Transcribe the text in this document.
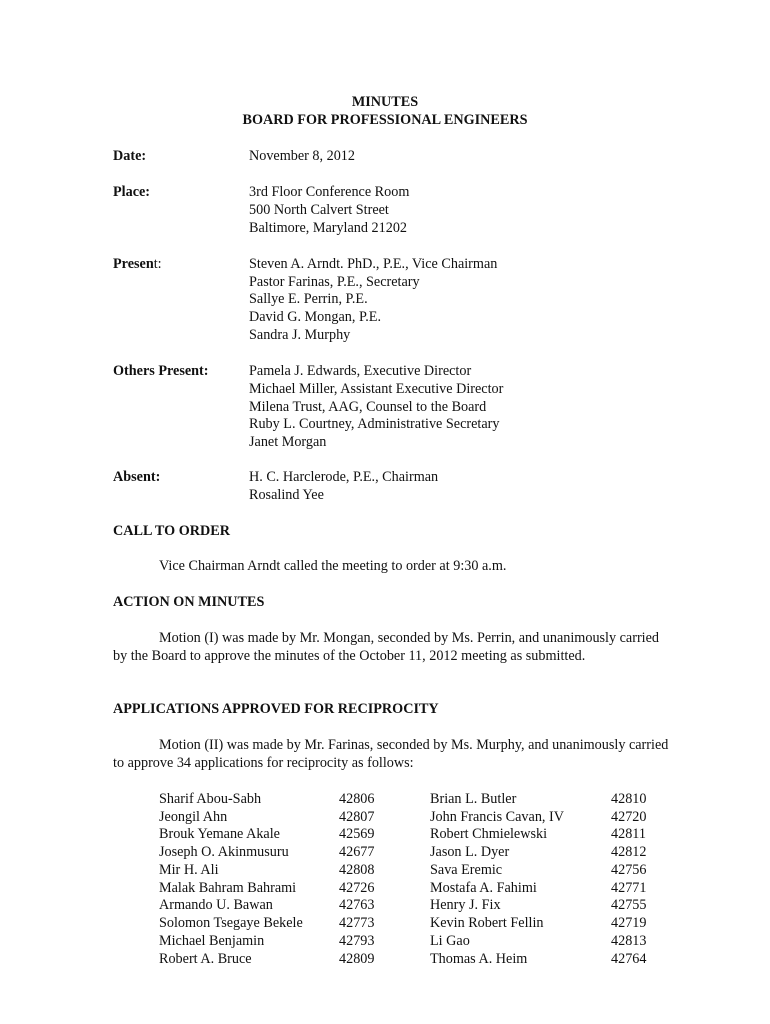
MINUTES
BOARD FOR PROFESSIONAL ENGINEERS
Date:	November 8, 2012
Place:	3rd Floor Conference Room
500 North Calvert Street
Baltimore, Maryland 21202
Present:	Steven A. Arndt. PhD., P.E., Vice Chairman
Pastor Farinas, P.E., Secretary
Sallye E. Perrin, P.E.
David G. Mongan, P.E.
Sandra J. Murphy
Others Present:	Pamela J. Edwards, Executive Director
Michael Miller, Assistant Executive Director
Milena Trust, AAG, Counsel to the Board
Ruby L. Courtney, Administrative Secretary
Janet Morgan
Absent:	H. C. Harclerode, P.E., Chairman
Rosalind Yee
CALL TO ORDER
Vice Chairman Arndt called the meeting to order at 9:30 a.m.
ACTION ON MINUTES
Motion (I) was made by Mr. Mongan, seconded by Ms. Perrin, and unanimously carried by the Board to approve the minutes of the October 11, 2012 meeting as submitted.
APPLICATIONS APPROVED FOR RECIPROCITY
Motion (II) was made by Mr. Farinas, seconded by Ms. Murphy, and unanimously carried to approve 34 applications for reciprocity as follows:
Sharif Abou-Sabh	42806	Brian L. Butler	42810
Jeongil Ahn	42807	John Francis Cavan, IV	42720
Brouk Yemane Akale	42569	Robert Chmielewski	42811
Joseph O. Akinmusuru	42677	Jason L. Dyer	42812
Mir H. Ali	42808	Sava Eremic	42756
Malak Bahram Bahrami	42726	Mostafa A. Fahimi	42771
Armando U. Bawan	42763	Henry J. Fix	42755
Solomon Tsegaye Bekele	42773	Kevin Robert Fellin	42719
Michael Benjamin	42793	Li Gao	42813
Robert A. Bruce	42809	Thomas A. Heim	42764
